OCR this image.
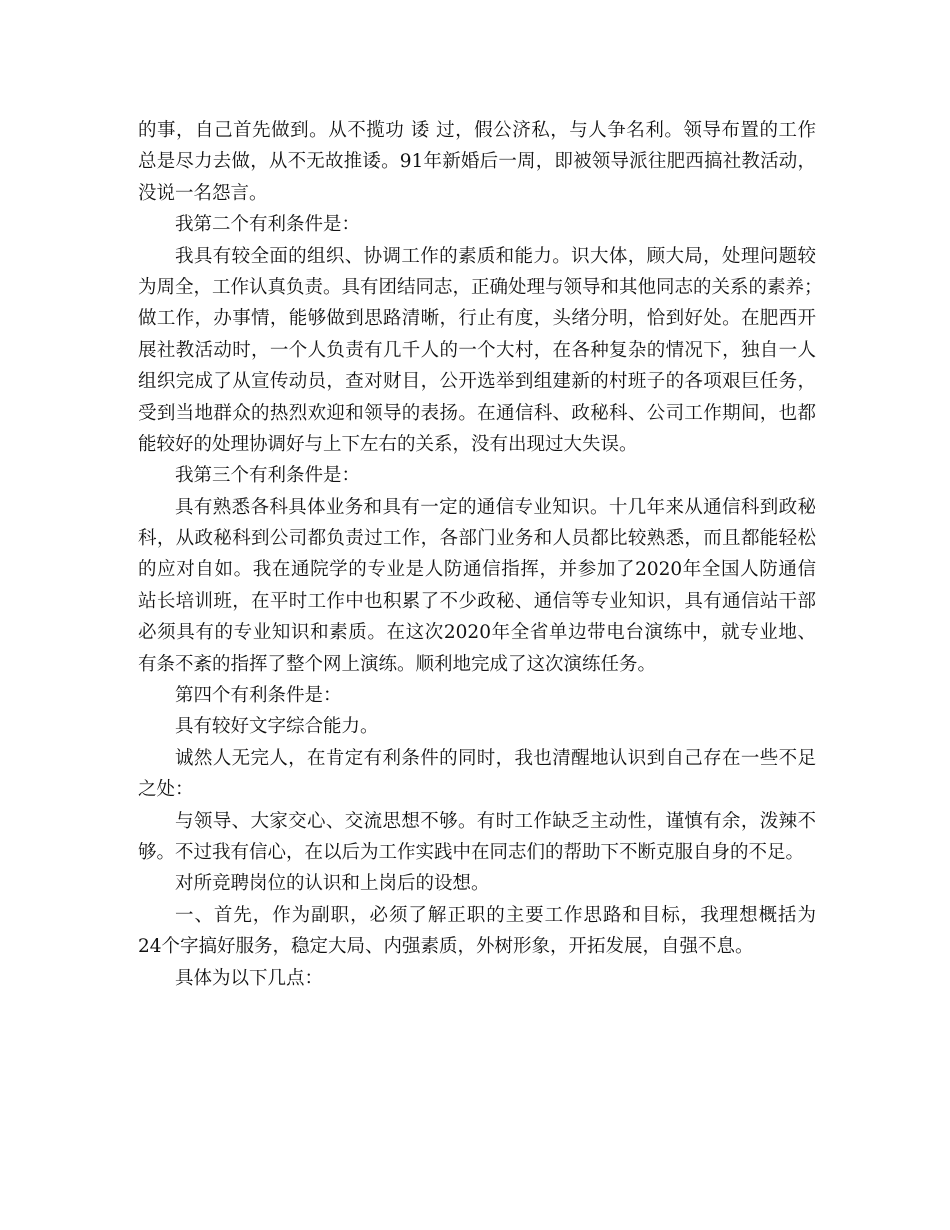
的事，自己首先做到。从不揽功 诿 过，假公济私，与人争名利。领导布置的工作
总是尽力去做，从不无故推诿。91年新婚后一周，即被领导派往肥西搞社教活动，
没说一名怨言。
我第二个有利条件是：
我具有较全面的组织、协调工作的素质和能力。识大体，顾大局，处理问题较
为周全，工作认真负责。具有团结同志，正确处理与领导和其他同志的关系的素养；
做工作，办事情，能够做到思路清晰，行止有度，头绪分明，恰到好处。在肥西开
展社教活动时，一个人负责有几千人的一个大村，在各种复杂的情况下，独自一人
组织完成了从宣传动员，查对财目，公开选举到组建新的村班子的各项艰巨任务，
受到当地群众的热烈欢迎和领导的表扬。在通信科、政秘科、公司工作期间，也都
能较好的处理协调好与上下左右的关系，没有出现过大失误。
我第三个有利条件是：
具有熟悉各科具体业务和具有一定的通信专业知识。十几年来从通信科到政秘
科，从政秘科到公司都负责过工作，各部门业务和人员都比较熟悉，而且都能轻松
的应对自如。我在通院学的专业是人防通信指挥，并参加了2020年全国人防通信
站长培训班，在平时工作中也积累了不少政秘、通信等专业知识，具有通信站干部
必须具有的专业知识和素质。在这次2020年全省单边带电台演练中，就专业地、
有条不紊的指挥了整个网上演练。顺利地完成了这次演练任务。
第四个有利条件是：
具有较好文字综合能力。
诚然人无完人，在肯定有利条件的同时，我也清醒地认识到自己存在一些不足
之处：
与领导、大家交心、交流思想不够。有时工作缺乏主动性，谨慎有余，泼辣不
够。不过我有信心，在以后为工作实践中在同志们的帮助下不断克服自身的不足。
对所竞聘岗位的认识和上岗后的设想。
一、首先，作为副职，必须了解正职的主要工作思路和目标，我理想概括为
24个字搞好服务，稳定大局、内强素质，外树形象，开拓发展，自强不息。
具体为以下几点：
